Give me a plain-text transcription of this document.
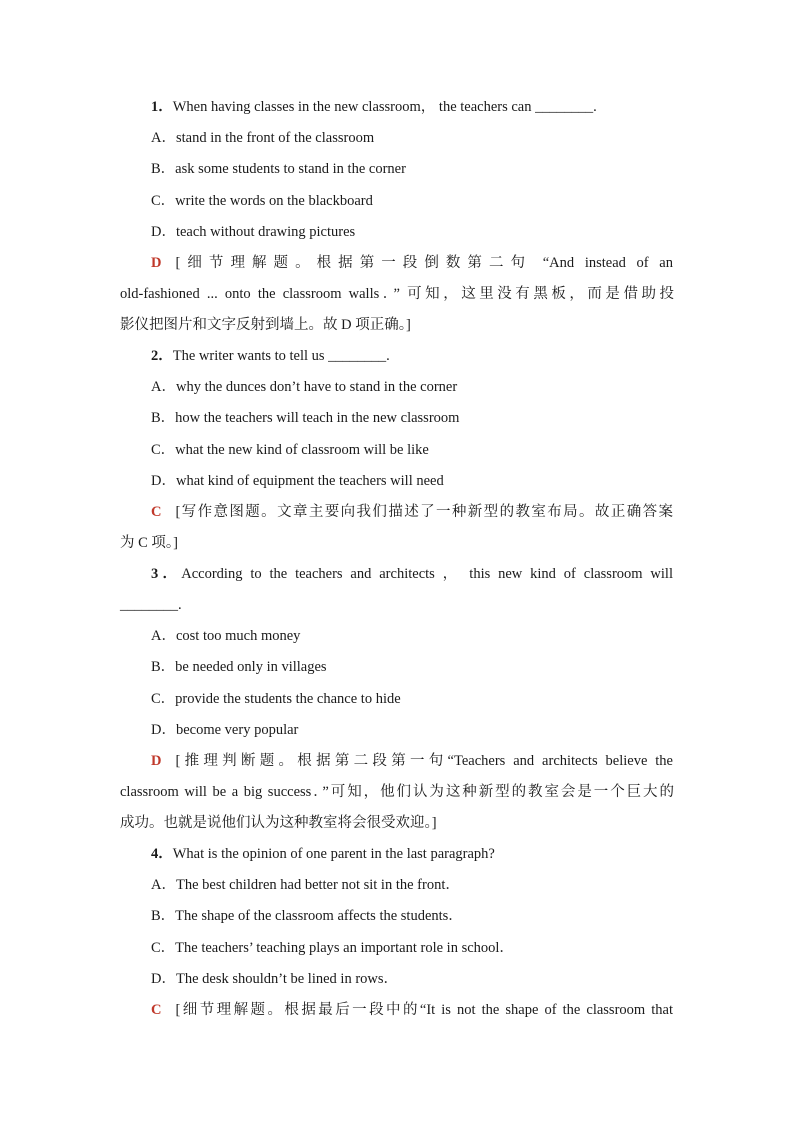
1．When having classes in the new classroom， the teachers can ________.
A．stand in the front of the classroom
B．ask some students to stand in the corner
C．write the words on the blackboard
D．teach without drawing pictures
D [细节理解题。根据第一段倒数第二句 “And instead of an
old-fashioned ... onto the classroom walls．” 可知，这里没有黑板，而是借助投
影仪把图片和文字反射到墙上。故 D 项正确。]
2．The writer wants to tell us ________.
A．why the dunces don’t have to stand in the corner
B．how the teachers will teach in the new classroom
C．what the new kind of classroom will be like
D．what kind of equipment the teachers will need
C [写作意图题。文章主要向我们描述了一种新型的教室布局。故正确答案
为 C 项。]
3．According to the teachers and architects ， this new kind of classroom will
________.
A．cost too much money
B．be needed only in villages
C．provide the students the chance to hide
D．become very popular
D [推理判断题。根据第二段第一句“Teachers and architects believe the
classroom will be a big success．”可知，他们认为这种新型的教室会是一个巨大的
成功。也就是说他们认为这种教室将会很受欢迎。]
4．What is the opinion of one parent in the last paragraph?
A．The best children had better not sit in the front．
B．The shape of the classroom affects the students．
C．The teachers’ teaching plays an important role in school．
D．The desk shouldn’t be lined in rows．
C [细节理解题。根据最后一段中的“It is not the shape of the classroom that
